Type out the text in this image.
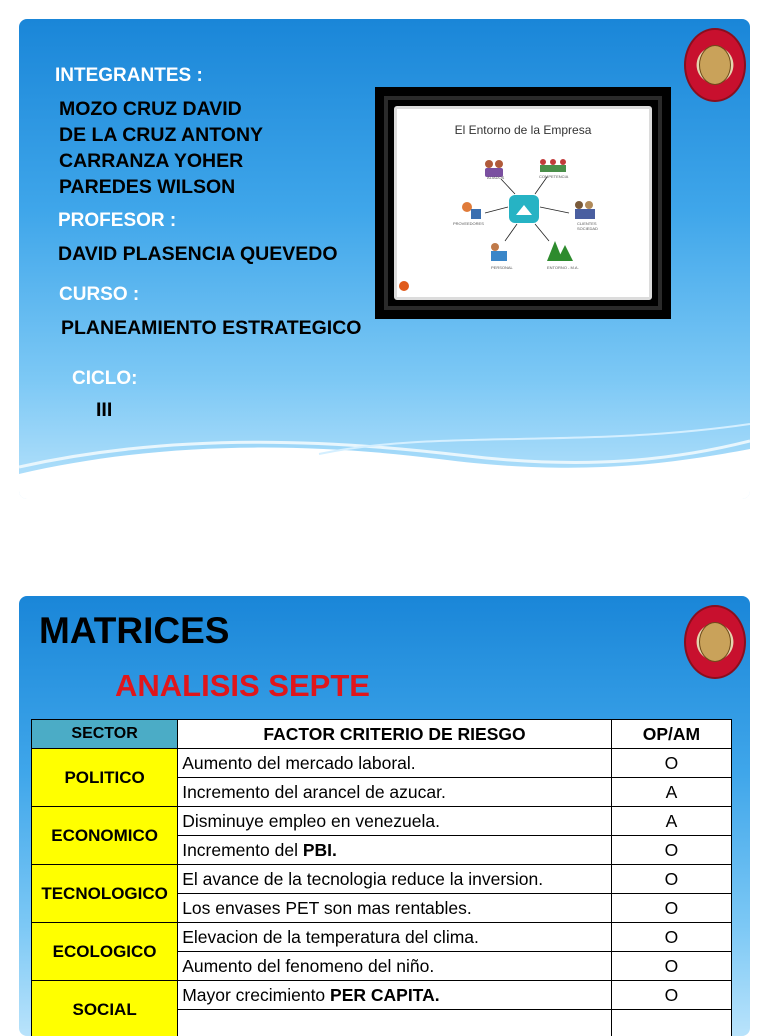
INTEGRANTES :
MOZO CRUZ DAVID
DE LA CRUZ ANTONY
CARRANZA YOHER
PAREDES WILSON
PROFESOR :
DAVID PLASENCIA QUEVEDO
CURSO :
PLANEAMIENTO ESTRATEGICO
CICLO:
III
El Entorno de la Empresa
ALIADOS	COMPETENCIA
PROVEEDORES	CLIENTES
SOCIEDAD
PERSONAL	ENTORNO - M.A.
MATRICES
ANALISIS SEPTE
SECTOR	FACTOR CRITERIO DE RIESGO	OP/AM
POLITICO	Aumento del mercado laboral.	O
	Incremento del arancel de azucar.	A
ECONOMICO	Disminuye empleo en venezuela.	A
	Incremento del PBI.	O
TECNOLOGICO	El avance de la tecnologia reduce la inversion.	O
	Los envases PET son mas rentables.	O
ECOLOGICO	Elevacion de la temperatura del clima.	O
	Aumento del fenomeno del niño.	O
SOCIAL	Mayor crecimiento PER CAPITA.	O
